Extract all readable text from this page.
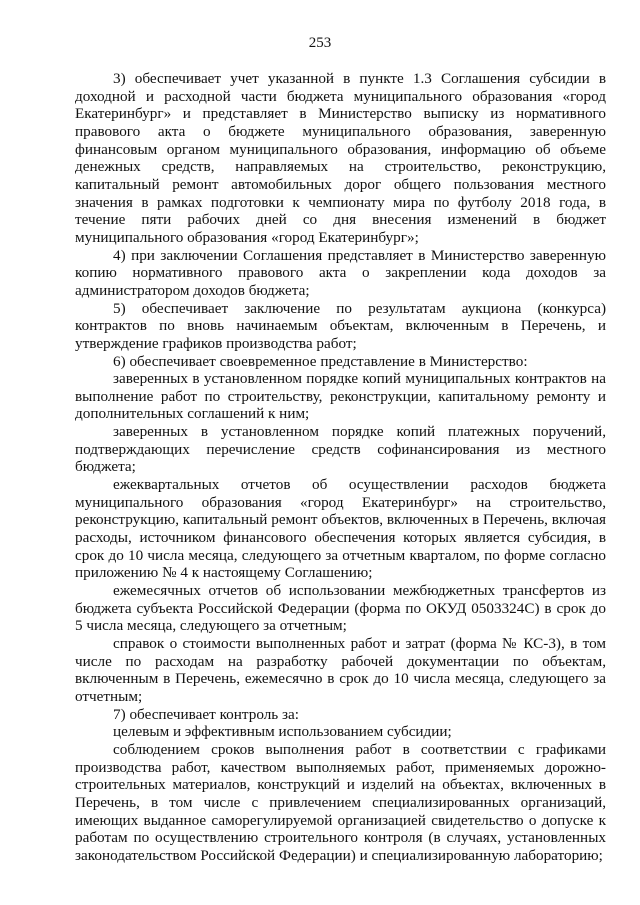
253

3) обеспечивает учет указанной в пункте 1.3 Соглашения субсидии в доходной и расходной части бюджета муниципального образования «город Екатеринбург» и представляет в Министерство выписку из нормативного правового акта о бюджете муниципального образования, заверенную финансовым органом муниципального образования, информацию об объеме денежных средств, направляемых на строительство, реконструкцию, капитальный ремонт автомобильных дорог общего пользования местного значения в рамках подготовки к чемпионату мира по футболу 2018 года, в течение пяти рабочих дней со дня внесения изменений в бюджет муниципального образования «город Екатеринбург»;

4) при заключении Соглашения представляет в Министерство заверенную копию нормативного правового акта о закреплении кода доходов за администратором доходов бюджета;

5) обеспечивает заключение по результатам аукциона (конкурса) контрактов по вновь начинаемым объектам, включенным в Перечень, и утверждение графиков производства работ;

6) обеспечивает своевременное представление в Министерство:

заверенных в установленном порядке копий муниципальных контрактов на выполнение работ по строительству, реконструкции, капитальному ремонту и дополнительных соглашений к ним;

заверенных в установленном порядке копий платежных поручений, подтверждающих перечисление средств софинансирования из местного бюджета;

ежеквартальных отчетов об осуществлении расходов бюджета муниципального образования «город Екатеринбург» на строительство, реконструкцию, капитальный ремонт объектов, включенных в Перечень, включая расходы, источником финансового обеспечения которых является субсидия, в срок до 10 числа месяца, следующего за отчетным кварталом, по форме согласно приложению № 4 к настоящему Соглашению;

ежемесячных отчетов об использовании межбюджетных трансфертов из бюджета субъекта Российской Федерации (форма по ОКУД 0503324С) в срок до 5 числа месяца, следующего за отчетным;

справок о стоимости выполненных работ и затрат (форма № КС-3), в том числе по расходам на разработку рабочей документации по объектам, включенным в Перечень, ежемесячно в срок до 10 числа месяца, следующего за отчетным;

7) обеспечивает контроль за:

целевым и эффективным использованием субсидии;

соблюдением сроков выполнения работ в соответствии с графиками производства работ, качеством выполняемых работ, применяемых дорожно-строительных материалов, конструкций и изделий на объектах, включенных в Перечень, в том числе с привлечением специализированных организаций, имеющих выданное саморегулируемой организацией свидетельство о допуске к работам по осуществлению строительного контроля (в случаях, установленных законодательством Российской Федерации) и специализированную лабораторию;
